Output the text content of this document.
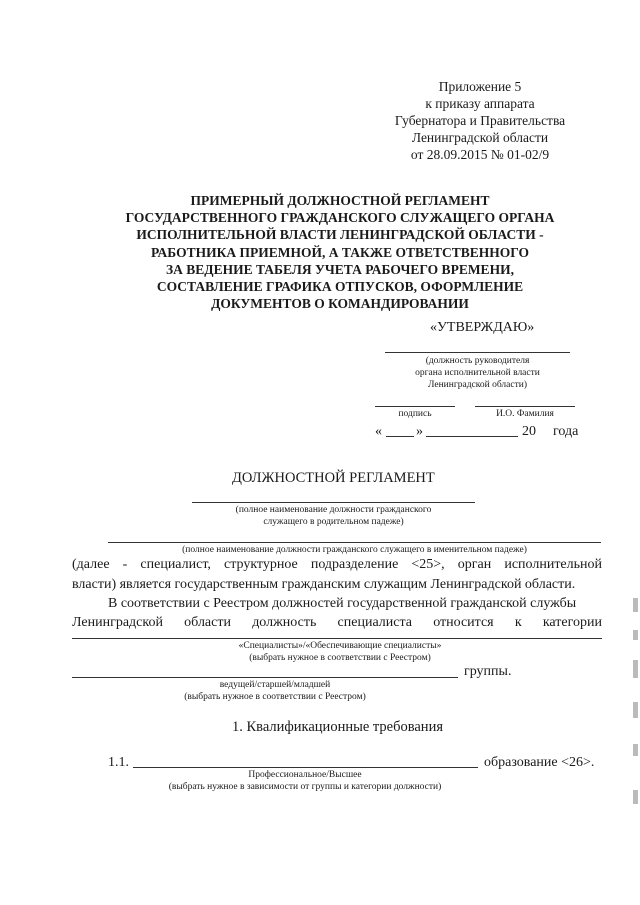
Приложение 5
к приказу аппарата
Губернатора и Правительства
Ленинградской области
от 28.09.2015 № 01-02/9
ПРИМЕРНЫЙ ДОЛЖНОСТНОЙ РЕГЛАМЕНТ
ГОСУДАРСТВЕННОГО ГРАЖДАНСКОГО СЛУЖАЩЕГО ОРГАНА
ИСПОЛНИТЕЛЬНОЙ ВЛАСТИ ЛЕНИНГРАДСКОЙ ОБЛАСТИ -
РАБОТНИКА ПРИЕМНОЙ, А ТАКЖЕ ОТВЕТСТВЕННОГО
ЗА ВЕДЕНИЕ ТАБЕЛЯ УЧЕТА РАБОЧЕГО ВРЕМЕНИ,
СОСТАВЛЕНИЕ ГРАФИКА ОТПУСКОВ, ОФОРМЛЕНИЕ
ДОКУМЕНТОВ О КОМАНДИРОВАНИИ
«УТВЕРЖДАЮ»
(должность руководителя
органа исполнительной власти
Ленинградской области)
подпись	И.О. Фамилия
« »	20 года
ДОЛЖНОСТНОЙ РЕГЛАМЕНТ
(полное наименование должности гражданского
служащего в родительном падеже)
(полное наименование должности гражданского служащего в именительном падеже)
(далее - специалист, структурное подразделение <25>, орган исполнительной
власти) является государственным гражданским служащим Ленинградской области.
В соответствии с Реестром должностей государственной гражданской службы
Ленинградской области должность специалиста относится к категории
«Специалисты»/«Обеспечивающие специалисты»
(выбрать нужное в соответствии с Реестром)
группы.
ведущей/старшей/младшей
(выбрать нужное в соответствии с Реестром)
1. Квалификационные требования
1.1.	образование <26>.
Профессиональное/Высшее
(выбрать нужное в зависимости от группы и категории должности)
